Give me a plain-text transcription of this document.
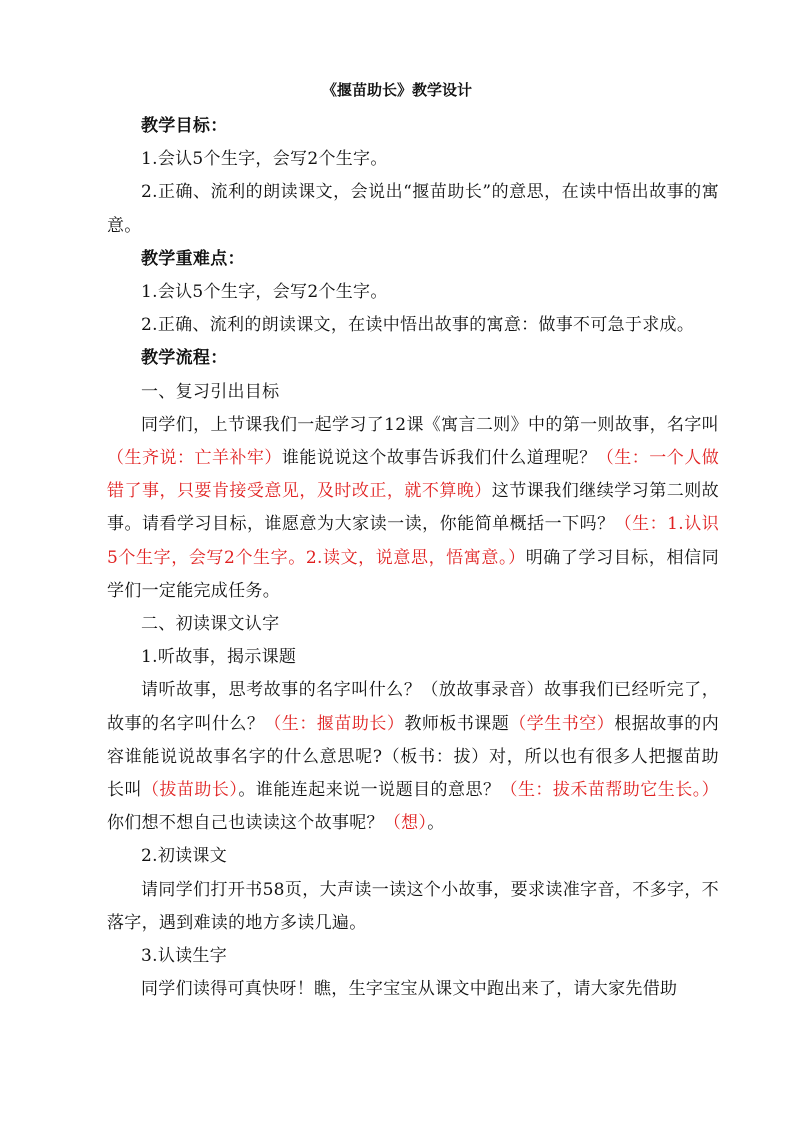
《揠苗助长》教学设计

教学目标：

1.会认5个生字，会写2个生字。

2.正确、流利的朗读课文，会说出“揠苗助长”的意思，在读中悟出故事的寓意。

教学重难点：

1.会认5个生字，会写2个生字。

2.正确、流利的朗读课文，在读中悟出故事的寓意：做事不可急于求成。

教学流程：

一、复习引出目标

同学们，上节课我们一起学习了12课《寓言二则》中的第一则故事，名字叫（生齐说：亡羊补牢）谁能说说这个故事告诉我们什么道理呢？（生：一个人做错了事，只要肯接受意见，及时改正，就不算晚）这节课我们继续学习第二则故事。请看学习目标，谁愿意为大家读一读，你能简单概括一下吗？（生：1.认识5个生字，会写2个生字。2.读文，说意思，悟寓意。）明确了学习目标，相信同学们一定能完成任务。

二、初读课文认字

1.听故事，揭示课题

请听故事，思考故事的名字叫什么？（放故事录音）故事我们已经听完了，故事的名字叫什么？（生：揠苗助长）教师板书课题（学生书空）根据故事的内容谁能说说故事名字的什么意思呢?（板书：拔）对，所以也有很多人把揠苗助长叫（拔苗助长）。谁能连起来说一说题目的意思？（生：拔禾苗帮助它生长。）你们想不想自己也读读这个故事呢？（想）。

2.初读课文

请同学们打开书58页，大声读一读这个小故事，要求读准字音，不多字，不落字，遇到难读的地方多读几遍。

3.认读生字

同学们读得可真快呀！瞧，生字宝宝从课文中跑出来了，请大家先借助
